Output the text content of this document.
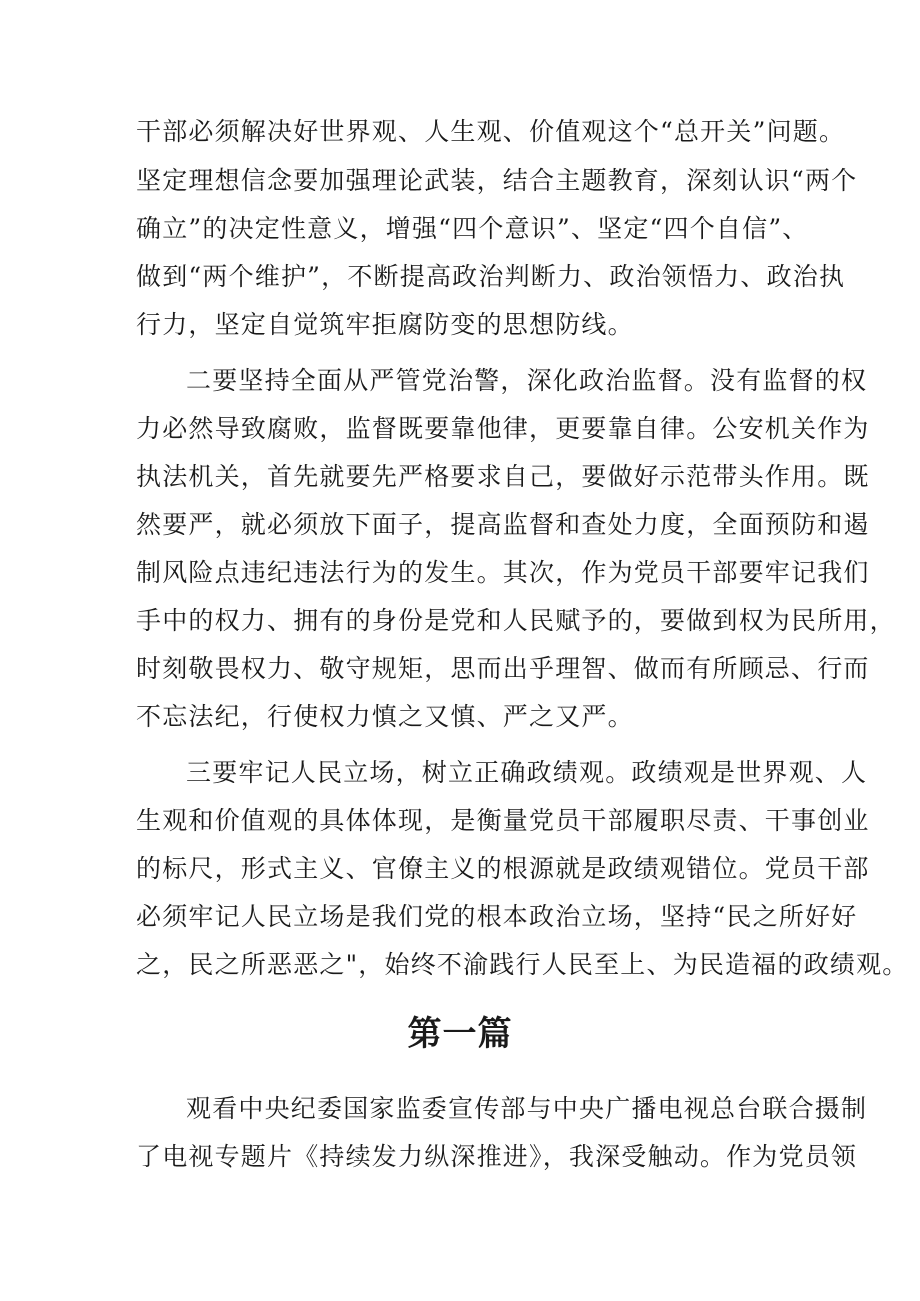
干部必须解决好世界观、人生观、价值观这个“总开关”问题。
坚定理想信念要加强理论武装，结合主题教育，深刻认识“两个
确立”的决定性意义，增强“四个意识”、坚定“四个自信”、
做到“两个维护”，不断提高政治判断力、政治领悟力、政治执
行力，坚定自觉筑牢拒腐防变的思想防线。
二要坚持全面从严管党治警，深化政治监督。没有监督的权
力必然导致腐败，监督既要靠他律，更要靠自律。公安机关作为
执法机关，首先就要先严格要求自己，要做好示范带头作用。既
然要严，就必须放下面子，提高监督和查处力度，全面预防和遏
制风险点违纪违法行为的发生。其次，作为党员干部要牢记我们
手中的权力、拥有的身份是党和人民赋予的，要做到权为民所用，
时刻敬畏权力、敬守规矩，思而出乎理智、做而有所顾忌、行而
不忘法纪，行使权力慎之又慎、严之又严。
三要牢记人民立场，树立正确政绩观。政绩观是世界观、人
生观和价值观的具体体现，是衡量党员干部履职尽责、干事创业
的标尺，形式主义、官僚主义的根源就是政绩观错位。党员干部
必须牢记人民立场是我们党的根本政治立场，坚持“民之所好好
之，民之所恶恶之"，始终不渝践行人民至上、为民造福的政绩观。
第一篇
观看中央纪委国家监委宣传部与中央广播电视总台联合摄制
了电视专题片《持续发力纵深推进》，我深受触动。作为党员领
